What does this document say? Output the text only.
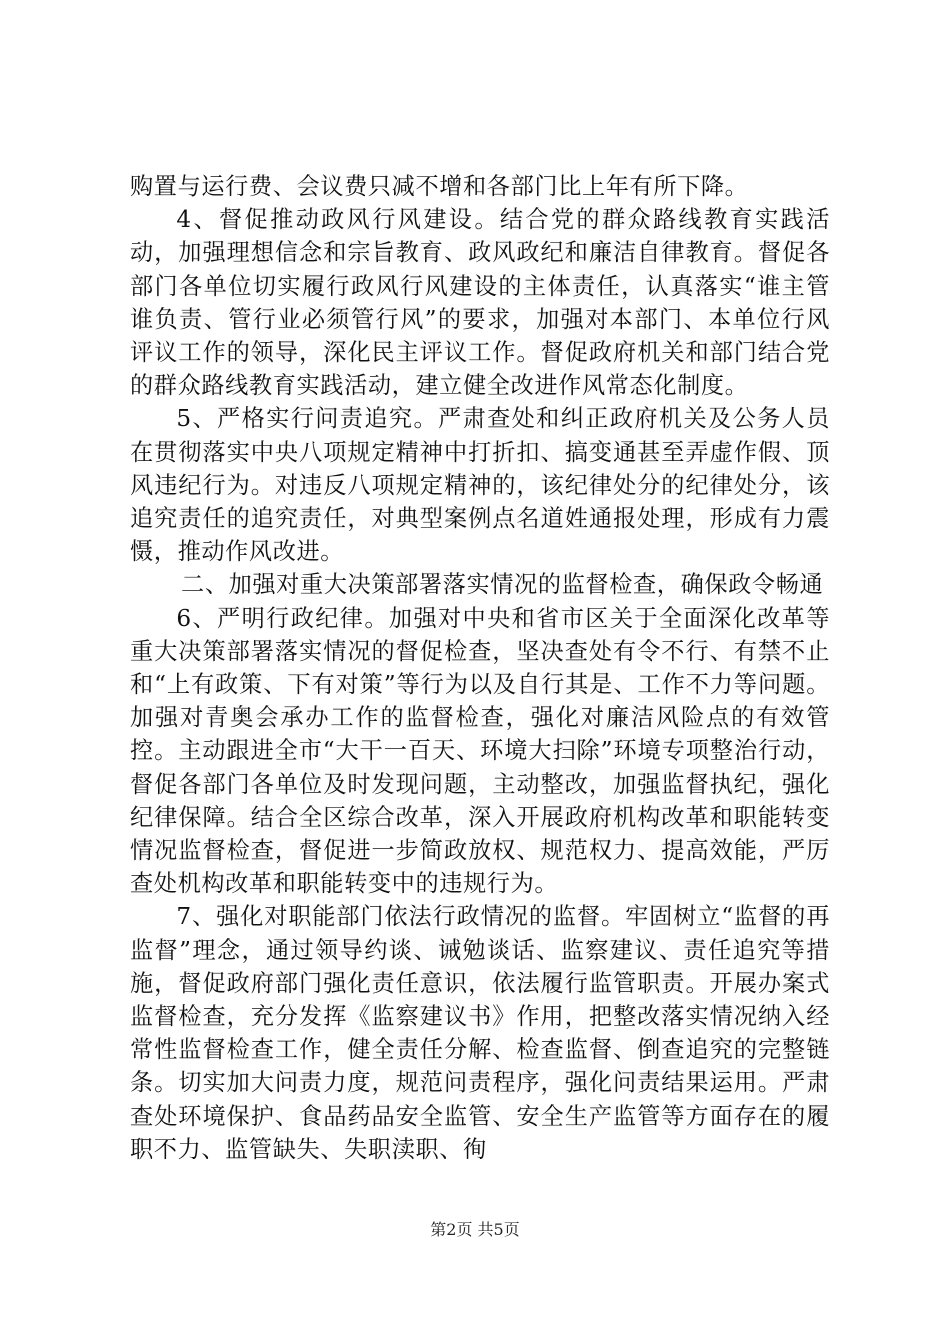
购置与运行费、会议费只减不增和各部门比上年有所下降。

4、督促推动政风行风建设。结合党的群众路线教育实践活动，加强理想信念和宗旨教育、政风政纪和廉洁自律教育。督促各部门各单位切实履行政风行风建设的主体责任，认真落实“谁主管谁负责、管行业必须管行风”的要求，加强对本部门、本单位行风评议工作的领导，深化民主评议工作。督促政府机关和部门结合党的群众路线教育实践活动，建立健全改进作风常态化制度。

5、严格实行问责追究。严肃查处和纠正政府机关及公务人员在贯彻落实中央八项规定精神中打折扣、搞变通甚至弄虚作假、顶风违纪行为。对违反八项规定精神的，该纪律处分的纪律处分，该追究责任的追究责任，对典型案例点名道姓通报处理，形成有力震慑，推动作风改进。

二、加强对重大决策部署落实情况的监督检查，确保政令畅通

6、严明行政纪律。加强对中央和省市区关于全面深化改革等重大决策部署落实情况的督促检查，坚决查处有令不行、有禁不止和“上有政策、下有对策”等行为以及自行其是、工作不力等问题。加强对青奥会承办工作的监督检查，强化对廉洁风险点的有效管控。主动跟进全市“大干一百天、环境大扫除”环境专项整治行动，督促各部门各单位及时发现问题，主动整改，加强监督执纪，强化纪律保障。结合全区综合改革，深入开展政府机构改革和职能转变情况监督检查，督促进一步简政放权、规范权力、提高效能，严厉查处机构改革和职能转变中的违规行为。

7、强化对职能部门依法行政情况的监督。牢固树立“监督的再监督”理念，通过领导约谈、诫勉谈话、监察建议、责任追究等措施，督促政府部门强化责任意识，依法履行监管职责。开展办案式监督检查，充分发挥《监察建议书》作用，把整改落实情况纳入经常性监督检查工作，健全责任分解、检查监督、倒查追究的完整链条。切实加大问责力度，规范问责程序，强化问责结果运用。严肃查处环境保护、食品药品安全监管、安全生产监管等方面存在的履职不力、监管缺失、失职渎职、徇

第2页 共5页
